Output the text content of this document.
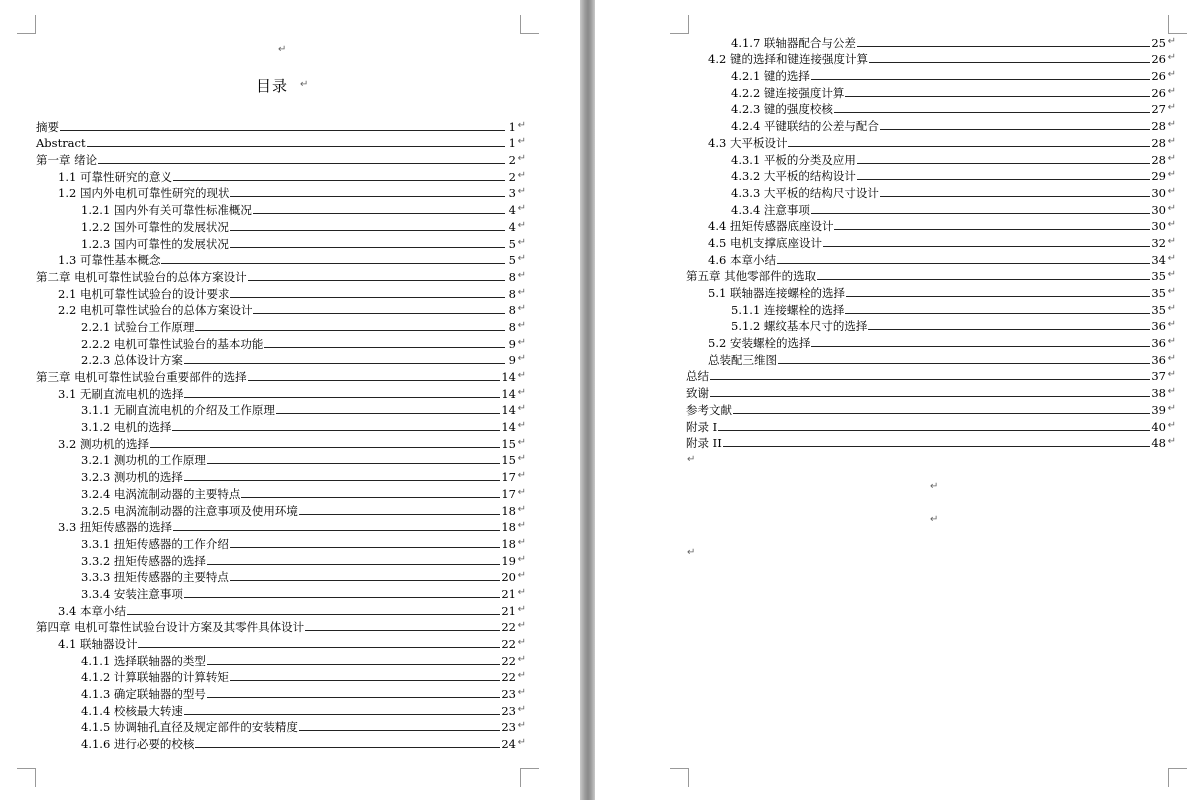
↵
目录 ↵
摘要	1 ↵
Abstract	1 ↵
第一章 绪论	2 ↵
1.1 可靠性研究的意义	2 ↵
1.2 国内外电机可靠性研究的现状	3 ↵
1.2.1 国内外有关可靠性标准概况	4 ↵
1.2.2 国外可靠性的发展状况	4 ↵
1.2.3 国内可靠性的发展状况	5 ↵
1.3 可靠性基本概念	5 ↵
第二章 电机可靠性试验台的总体方案设计	8 ↵
2.1 电机可靠性试验台的设计要求	8 ↵
2.2 电机可靠性试验台的总体方案设计	8 ↵
2.2.1 试验台工作原理	8 ↵
2.2.2 电机可靠性试验台的基本功能	9 ↵
2.2.3 总体设计方案	9 ↵
第三章 电机可靠性试验台重要部件的选择	14 ↵
3.1 无刷直流电机的选择	14 ↵
3.1.1 无刷直流电机的介绍及工作原理	14 ↵
3.1.2 电机的选择	14 ↵
3.2 测功机的选择	15 ↵
3.2.1 测功机的工作原理	15 ↵
3.2.3 测功机的选择	17 ↵
3.2.4 电涡流制动器的主要特点	17 ↵
3.2.5 电涡流制动器的注意事项及使用环境	18 ↵
3.3 扭矩传感器的选择	18 ↵
3.3.1 扭矩传感器的工作介绍	18 ↵
3.3.2 扭矩传感器的选择	19 ↵
3.3.3 扭矩传感器的主要特点	20 ↵
3.3.4 安装注意事项	21 ↵
3.4 本章小结	21 ↵
第四章 电机可靠性试验台设计方案及其零件具体设计	22 ↵
4.1 联轴器设计	22 ↵
4.1.1 选择联轴器的类型	22 ↵
4.1.2 计算联轴器的计算转矩	22 ↵
4.1.3 确定联轴器的型号	23 ↵
4.1.4 校核最大转速	23 ↵
4.1.5 协调轴孔直径及规定部件的安装精度	23 ↵
4.1.6 进行必要的校核	24 ↵
4.1.7 联轴器配合与公差	25 ↵
4.2 键的选择和键连接强度计算	26 ↵
4.2.1 键的选择	26 ↵
4.2.2 键连接强度计算	26 ↵
4.2.3 键的强度校核	27 ↵
4.2.4 平键联结的公差与配合	28 ↵
4.3 大平板设计	28 ↵
4.3.1 平板的分类及应用	28 ↵
4.3.2 大平板的结构设计	29 ↵
4.3.3 大平板的结构尺寸设计	30 ↵
4.3.4 注意事项	30 ↵
4.4 扭矩传感器底座设计	30 ↵
4.5 电机支撑底座设计	32 ↵
4.6 本章小结	34 ↵
第五章 其他零部件的选取	35 ↵
5.1 联轴器连接螺栓的选择	35 ↵
5.1.1 连接螺栓的选择	35 ↵
5.1.2 螺纹基本尺寸的选择	36 ↵
5.2 安装螺栓的选择	36 ↵
总装配三维图	36 ↵
总结	37 ↵
致谢	38 ↵
参考文献	39 ↵
附录 I	40 ↵
附录 II	48 ↵
↵
↵
↵
↵
